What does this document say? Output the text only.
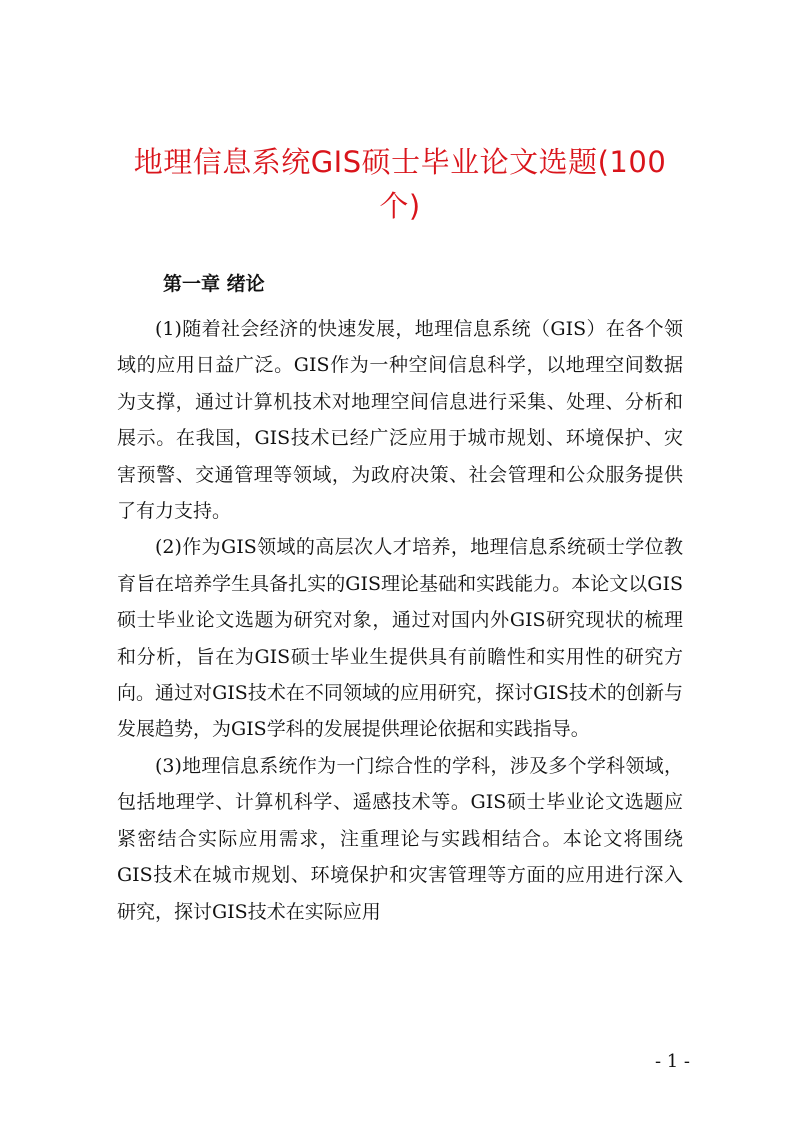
地理信息系统GIS硕士毕业论文选题(100个)
第一章 绪论

(1)随着社会经济的快速发展，地理信息系统（GIS）在各个领域的应用日益广泛。GIS作为一种空间信息科学，以地理空间数据为支撑，通过计算机技术对地理空间信息进行采集、处理、分析和展示。在我国，GIS技术已经广泛应用于城市规划、环境保护、灾害预警、交通管理等领域，为政府决策、社会管理和公众服务提供了有力支持。

(2)作为GIS领域的高层次人才培养，地理信息系统硕士学位教育旨在培养学生具备扎实的GIS理论基础和实践能力。本论文以GIS硕士毕业论文选题为研究对象，通过对国内外GIS研究现状的梳理和分析，旨在为GIS硕士毕业生提供具有前瞻性和实用性的研究方向。通过对GIS技术在不同领域的应用研究，探讨GIS技术的创新与发展趋势，为GIS学科的发展提供理论依据和实践指导。

(3)地理信息系统作为一门综合性的学科，涉及多个学科领域，包括地理学、计算机科学、遥感技术等。GIS硕士毕业论文选题应紧密结合实际应用需求，注重理论与实践相结合。本论文将围绕GIS技术在城市规划、环境保护和灾害管理等方面的应用进行深入研究，探讨GIS技术在实际应用

- 1 -
